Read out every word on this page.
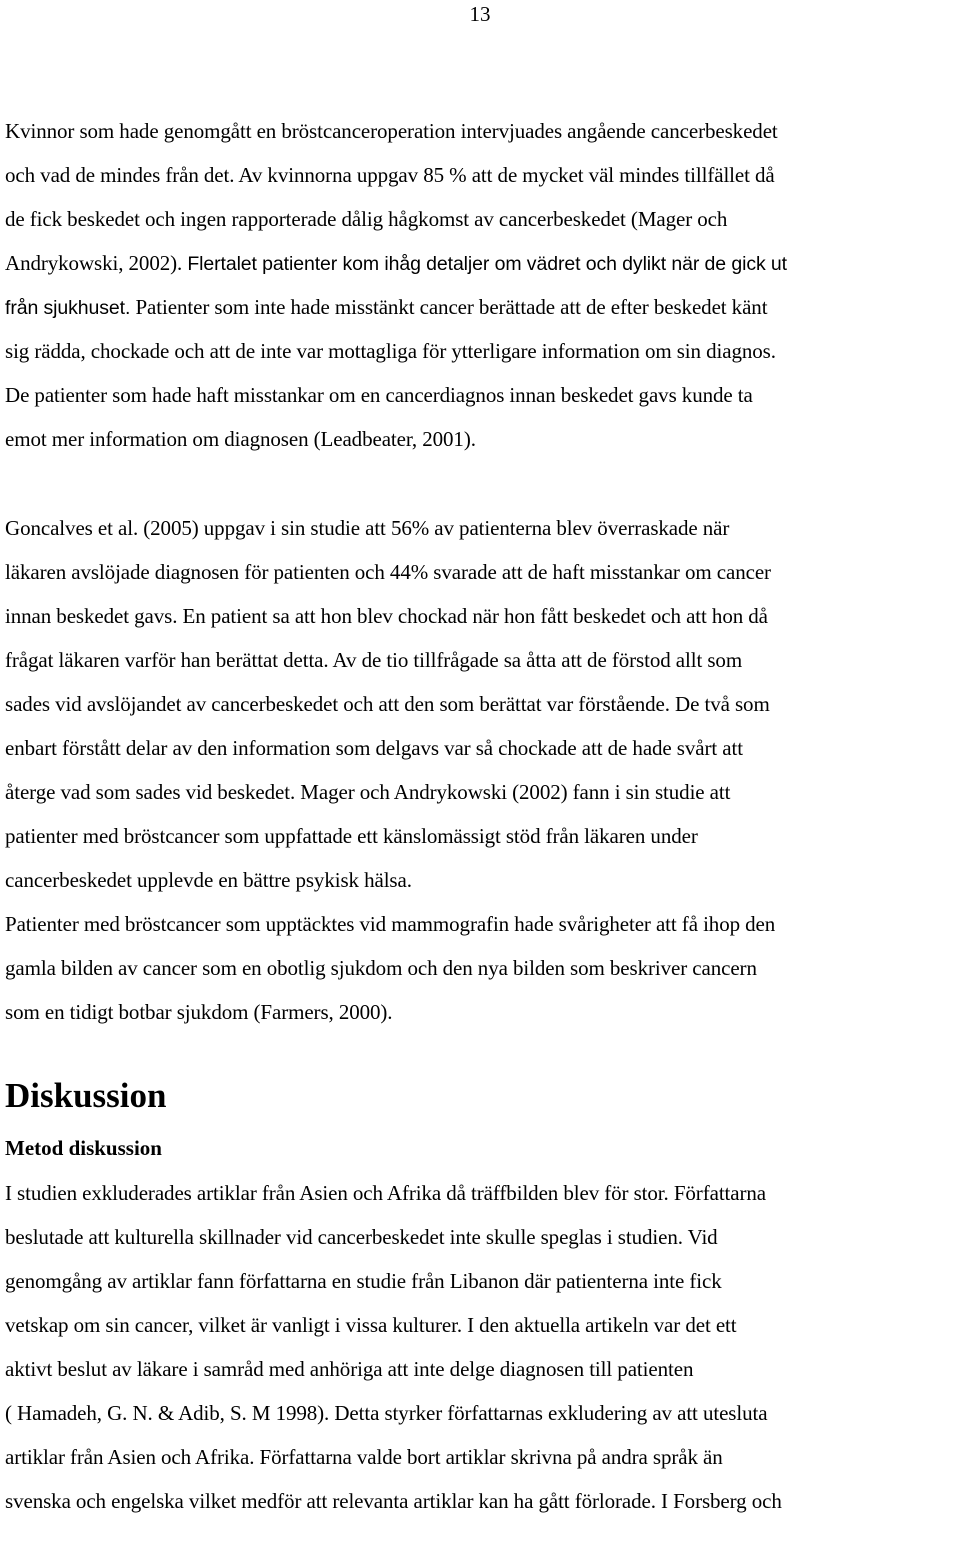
13

Kvinnor som hade genomgått en bröstcanceroperation intervjuades angående cancerbeskedet
och vad de mindes från det. Av kvinnorna uppgav 85 % att de mycket väl mindes tillfället då
de fick beskedet och ingen rapporterade dålig hågkomst av cancerbeskedet (Mager och
Andrykowski, 2002). Flertalet patienter kom ihåg detaljer om vädret och dylikt när de gick ut
från sjukhuset. Patienter som inte hade misstänkt cancer berättade att de efter beskedet känt
sig rädda, chockade och att de inte var mottagliga för ytterligare information om sin diagnos.
De patienter som hade haft misstankar om en cancerdiagnos innan beskedet gavs kunde ta
emot mer information om diagnosen (Leadbeater, 2001).

Goncalves et al. (2005) uppgav i sin studie att 56% av patienterna blev överraskade när
läkaren avslöjade diagnosen för patienten och 44% svarade att de haft misstankar om cancer
innan beskedet gavs. En patient sa att hon blev chockad när hon fått beskedet och att hon då
frågat läkaren varför han berättat detta. Av de tio tillfrågade sa åtta att de förstod allt som
sades vid avslöjandet av cancerbeskedet och att den som berättat var förstående. De två som
enbart förstått delar av den information som delgavs var så chockade att de hade svårt att
återge vad som sades vid beskedet. Mager och Andrykowski (2002) fann i sin studie att
patienter med bröstcancer som uppfattade ett känslomässigt stöd från läkaren under
cancerbeskedet upplevde en bättre psykisk hälsa.
Patienter med bröstcancer som upptäcktes vid mammografin hade svårigheter att få ihop den
gamla bilden av cancer som en obotlig sjukdom och den nya bilden som beskriver cancern
som en tidigt botbar sjukdom (Farmers, 2000).

Diskussion
Metod diskussion

I studien exkluderades artiklar från Asien och Afrika då träffbilden blev för stor. Författarna
beslutade att kulturella skillnader vid cancerbeskedet inte skulle speglas i studien. Vid
genomgång av artiklar fann författarna en studie från Libanon där patienterna inte fick
vetskap om sin cancer, vilket är vanligt i vissa kulturer. I den aktuella artikeln var det ett
aktivt beslut av läkare i samråd med anhöriga att inte delge diagnosen till patienten
( Hamadeh, G. N. & Adib, S. M 1998). Detta styrker författarnas exkludering av att utesluta
artiklar från Asien och Afrika. Författarna valde bort artiklar skrivna på andra språk än
svenska och engelska vilket medför att relevanta artiklar kan ha gått förlorade. I Forsberg och
